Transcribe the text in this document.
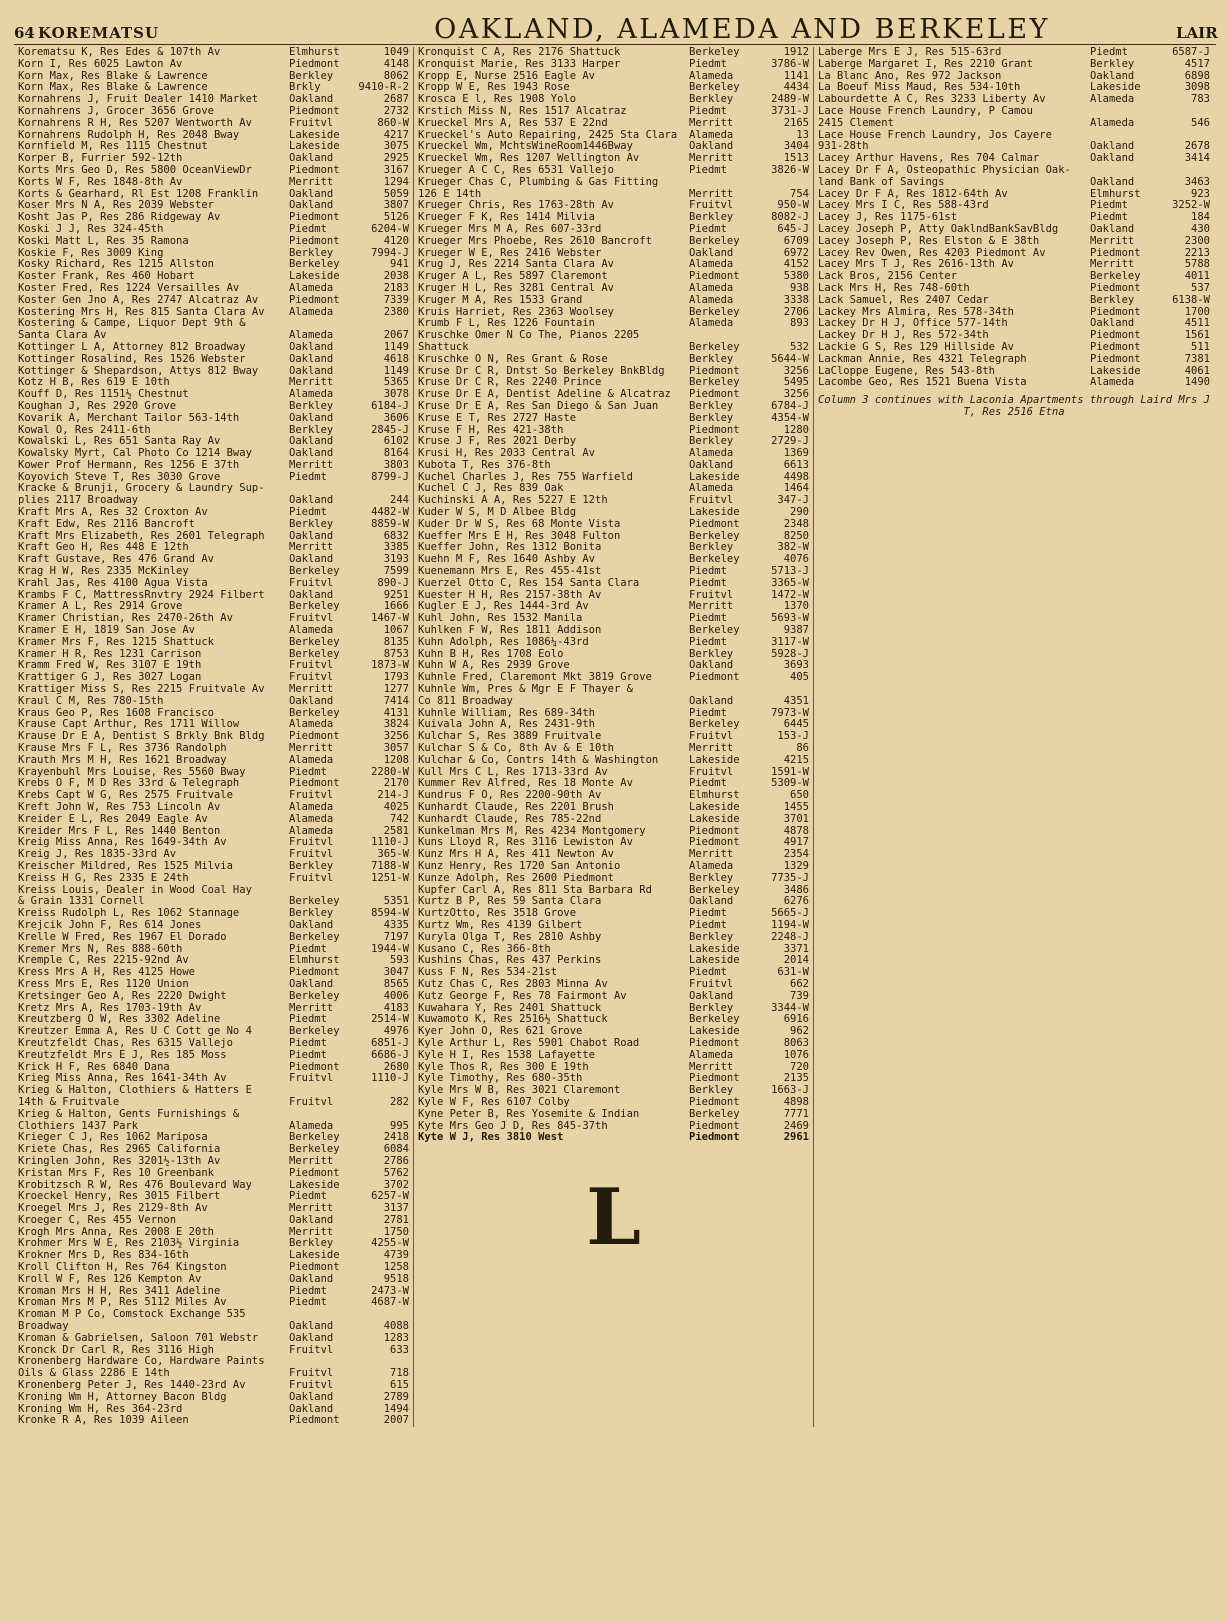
64 KOREMATSU	OAKLAND, ALAMEDA AND BERKELEY	LAIR
Korematsu K, Res Edes & 107th Av	Elmhurst	1049
Korn I, Res 6025 Lawton Av	Piedmont	4148
Korn Max, Res Blake & Lawrence	Berkley	8062
Korn Max, Res Blake & Lawrence	Brkly	9410-R-2
Kornahrens J, Fruit Dealer 1410 Market	Oakland	2687
Kornahrens J, Grocer 3656 Grove	Piedmont	2732
Kornahrens R H, Res 5207 Wentworth Av	Fruitvl	860-W
Kornahrens Rudolph H, Res 2048 Bway	Lakeside	4217
Kornfield M, Res 1115 Chestnut	Lakeside	3075
Korper B, Furrier 592-12th	Oakland	2925
Korts Mrs Geo D, Res 5800 OceanViewDr	Piedmont	3167
Korts W F, Res 1848-8th Av	Merritt	1294
Korts & Gearhard, Rl Est 1208 Franklin	Oakland	5059
Koser Mrs N A, Res 2039 Webster	Oakland	3807
Kosht Jas P, Res 286 Ridgeway Av	Piedmont	5126
Koski J J, Res 324-45th	Piedmt	6204-W
Koski Matt L, Res 35 Ramona	Piedmont	4120
Koskie F, Res 3009 King	Berkley	7994-J
Kosky Richard, Res 1215 Allston	Berkeley	941
Koster Frank, Res 460 Hobart	Lakeside	2038
Koster Fred, Res 1224 Versailles Av	Alameda	2183
Koster Gen Jno A, Res 2747 Alcatraz Av	Piedmont	7339
Kostering Mrs H, Res 815 Santa Clara Av	Alameda	2380
Kostering & Campe, Liquor Dept 9th &
Santa Clara Av	Alameda	2067
Kottinger L A, Attorney 812 Broadway	Oakland	1149
Kottinger Rosalind, Res 1526 Webster	Oakland	4618
Kottinger & Shepardson, Attys 812 Bway	Oakland	1149
Kotz H B, Res 619 E 10th	Merritt	5365
Kouff D, Res 1151½ Chestnut	Alameda	3078
Koughan J, Res 2920 Grove	Berkley	6184-J
Kovarik A, Merchant Tailor 563-14th	Oakland	3606
Kowal O, Res 2411-6th	Berkley	2845-J
Kowalski L, Res 651 Santa Ray Av	Oakland	6102
Kowalsky Myrt, Cal Photo Co 1214 Bway	Oakland	8164
Kower Prof Hermann, Res 1256 E 37th	Merritt	3803
Koyovich Steve T, Res 3030 Grove	Piedmt	8799-J
Kracke & Brunji, Grocery & Laundry Sup-
plies 2117 Broadway	Oakland	244
Kraft Mrs A, Res 32 Croxton Av	Piedmt	4482-W
Kraft Edw, Res 2116 Bancroft	Berkley	8859-W
Kraft Mrs Elizabeth, Res 2601 Telegraph	Oakland	6832
Kraft Geo H, Res 448 E 12th	Merritt	3385
Kraft Gustave, Res 476 Grand Av	Oakland	3193
Krag H W, Res 2335 McKinley	Berkeley	7599
Krahl Jas, Res 4100 Agua Vista	Fruitvl	890-J
Krambs F C, MattressRnvtry 2924 Filbert	Oakland	9251
Kramer A L, Res 2914 Grove	Berkeley	1666
Kramer Christian, Res 2470-26th Av	Fruitvl	1467-W
Kramer E H, 1819 San Jose Av	Alameda	1067
Kramer Mrs F, Res 1215 Shattuck	Berkeley	8135
Kramer H R, Res 1231 Carrison	Berkeley	8753
Kramm Fred W, Res 3107 E 19th	Fruitvl	1873-W
Krattiger G J, Res 3027 Logan	Fruitvl	1793
Krattiger Miss S, Res 2215 Fruitvale Av	Merritt	1277
Kraul C M, Res 780-15th	Oakland	7414
Kraus Geo P, Res 1608 Francisco	Berkeley	4131
Krause Capt Arthur, Res 1711 Willow	Alameda	3824
Krause Dr E A, Dentist S Brkly Bnk Bldg	Piedmont	3256
Krause Mrs F L, Res 3736 Randolph	Merritt	3057
Krauth Mrs M H, Res 1621 Broadway	Alameda	1208
Krayenbuhl Mrs Louise, Res 5560 Bway	Piedmt	2280-W
Krebs O F, M D Res 33rd & Telegraph	Piedmont	2170
Krebs Capt W G, Res 2575 Fruitvale	Fruitvl	214-J
Kreft John W, Res 753 Lincoln Av	Alameda	4025
Kreider E L, Res 2049 Eagle Av	Alameda	742
Kreider Mrs F L, Res 1440 Benton	Alameda	2581
Kreig Miss Anna, Res 1649-34th Av	Fruitvl	1110-J
Kreig J, Res 1835-33rd Av	Fruitvl	365-W
Kreischer Mildred, Res 1525 Milvia	Berkley	7188-W
Kreiss H G, Res 2335 E 24th	Fruitvl	1251-W
Kreiss Louis, Dealer in Wood Coal Hay
& Grain 1331 Cornell	Berkeley	5351
Kreiss Rudolph L, Res 1062 Stannage	Berkley	8594-W
Krejcik John F, Res 614 Jones	Oakland	4335
Krelle W Fred, Res 1967 El Dorado	Berkeley	7197
Kremer Mrs N, Res 888-60th	Piedmt	1944-W
Kremple C, Res 2215-92nd Av	Elmhurst	593
Kress Mrs A H, Res 4125 Howe	Piedmont	3047
Kress Mrs E, Res 1120 Union	Oakland	8565
Kretsinger Geo A, Res 2220 Dwight	Berkeley	4006
Kretz Mrs A, Res 1703-19th Av	Merritt	4183
Kreutzberg O W, Res 3302 Adeline	Piedmt	2514-W
Kreutzer Emma A, Res U C Cott ge No 4	Berkeley	4976
Kreutzfeldt Chas, Res 6315 Vallejo	Piedmt	6851-J
Kreutzfeldt Mrs E J, Res 185 Moss	Piedmt	6686-J
Krick H F, Res 6840 Dana	Piedmont	2680
Krieg Miss Anna, Res 1641-34th Av	Fruitvl	1110-J
Krieg & Halton, Clothiers & Hatters E
14th & Fruitvale	Fruitvl	282
Krieg & Halton, Gents Furnishings &
Clothiers 1437 Park	Alameda	995
Krieger C J, Res 1062 Mariposa	Berkeley	2418
Kriete Chas, Res 2965 California	Berkeley	6084
Kringlen John, Res 3201½-13th Av	Merritt	2786
Kristan Mrs F, Res 10 Greenbank	Piedmont	5762
Krobitzsch R W, Res 476 Boulevard Way	Lakeside	3702
Kroeckel Henry, Res 3015 Filbert	Piedmt	6257-W
Kroegel Mrs J, Res 2129-8th Av	Merritt	3137
Kroeger C, Res 455 Vernon	Oakland	2781
Krogh Mrs Anna, Res 2008 E 20th	Merritt	1750
Krohmer Mrs W E, Res 2103½ Virginia	Berkley	4255-W
Krokner Mrs D, Res 834-16th	Lakeside	4739
Kroll Clifton H, Res 764 Kingston	Piedmont	1258
Kroll W F, Res 126 Kempton Av	Oakland	9518
Kroman Mrs H H, Res 3411 Adeline	Piedmt	2473-W
Kroman Mrs M P, Res 5112 Miles Av	Piedmt	4687-W
Kroman M P Co, Comstock Exchange 535
Broadway	Oakland	4088
Kroman & Gabrielsen, Saloon 701 Webstr	Oakland	1283
Kronck Dr Carl R, Res 3116 High	Fruitvl	633
Kronenberg Hardware Co, Hardware Paints
Oils & Glass 2286 E 14th	Fruitvl	718
Kronenberg Peter J, Res 1440-23rd Av	Fruitvl	615
Kroning Wm H, Attorney Bacon Bldg	Oakland	2789
Kroning Wm H, Res 364-23rd	Oakland	1494
Kronke R A, Res 1039 Aileen	Piedmont	2007
Kronquist C A, Res 2176 Shattuck	Berkeley	1912
Kronquist Marie, Res 3133 Harper	Piedmt	3786-W
Kropp E, Nurse 2516 Eagle Av	Alameda	1141
Kropp W E, Res 1943 Rose	Berkeley	4434
Krosca E l, Res 1908 Yolo	Berkley	2489-W
Krstich Miss N, Res 1517 Alcatraz	Piedmt	3731-J
Krueckel Mrs A, Res 537 E 22nd	Merritt	2165
Krueckel's Auto Repairing, 2425 Sta Clara	Alameda	13
Krueckel Wm, MchtsWineRoom1446Bway	Oakland	3404
Krueckel Wm, Res 1207 Wellington Av	Merritt	1513
Krueger A C C, Res 6531 Vallejo	Piedmt	3826-W
Krueger Chas C, Plumbing & Gas Fitting
126 E 14th	Merritt	754
Krueger Chris, Res 1763-28th Av	Fruitvl	950-W
Krueger F K, Res 1414 Milvia	Berkley	8082-J
Krueger Mrs M A, Res 607-33rd	Piedmt	645-J
Krueger Mrs Phoebe, Res 2610 Bancroft	Berkeley	6709
Krueger W E, Res 2416 Webster	Oakland	6972
Krug J, Res 2214 Santa Clara Av	Alameda	4152
Kruger A L, Res 5897 Claremont	Piedmont	5380
Kruger H L, Res 3281 Central Av	Alameda	938
Kruger M A, Res 1533 Grand	Alameda	3338
Kruis Harriet, Res 2363 Woolsey	Berkeley	2706
Krumb F L, Res 1226 Fountain	Alameda	893
Kruschke Omer N Co The, Pianos 2205
Shattuck	Berkeley	532
Kruschke O N, Res Grant & Rose	Berkley	5644-W
Kruse Dr C R, Dntst So Berkeley BnkBldg	Piedmont	3256
Kruse Dr C R, Res 2240 Prince	Berkeley	5495
Kruse Dr E A, Dentist Adeline & Alcatraz	Piedmont	3256
Kruse Dr E A, Res San Diego & San Juan	Berkley	6784-J
Kruse E T, Res 2727 Haste	Berkley	4354-W
Kruse F H, Res 421-38th	Piedmont	1280
Kruse J F, Res 2021 Derby	Berkley	2729-J
Krusi H, Res 2033 Central Av	Alameda	1369
Kubota T, Res 376-8th	Oakland	6613
Kuchel Charles J, Res 755 Warfield	Lakeside	4498
Kuchel C J, Res 839 Oak	Alameda	1464
Kuchinski A A, Res 5227 E 12th	Fruitvl	347-J
Kuder W S, M D Albee Bldg	Lakeside	290
Kuder Dr W S, Res 68 Monte Vista	Piedmont	2348
Kueffer Mrs E H, Res 3048 Fulton	Berkeley	8250
Kueffer John, Res 1312 Bonita	Berkley	382-W
Kuehn M F, Res 1640 Ashby Av	Berkeley	4076
Kuenemann Mrs E, Res 455-41st	Piedmt	5713-J
Kuerzel Otto C, Res 154 Santa Clara	Piedmt	3365-W
Kuester H H, Res 2157-38th Av	Fruitvl	1472-W
Kugler E J, Res 1444-3rd Av	Merritt	1370
Kuhl John, Res 1532 Manila	Piedmt	5693-W
Kuhlken F W, Res 1811 Addison	Berkeley	9387
Kuhn Adolph, Res 1086¼-43rd	Piedmt	3117-W
Kuhn B H, Res 1708 Eolo	Berkley	5928-J
Kuhn W A, Res 2939 Grove	Oakland	3693
Kuhnle Fred, Claremont Mkt 3819 Grove	Piedmont	405
Kuhnle Wm, Pres & Mgr E F Thayer &
Co 811 Broadway	Oakland	4351
Kuhnle William, Res 689-34th	Piedmt	7973-W
Kuivala John A, Res 2431-9th	Berkeley	6445
Kulchar S, Res 3889 Fruitvale	Fruitvl	153-J
Kulchar S & Co, 8th Av & E 10th	Merritt	86
Kulchar & Co, Contrs 14th & Washington	Lakeside	4215
Kull Mrs C L, Res 1713-33rd Av	Fruitvl	1591-W
Kummer Rev Alfred, Res 18 Monte Av	Piedmt	5309-W
Kundrus F O, Res 2200-90th Av	Elmhurst	650
Kunhardt Claude, Res 2201 Brush	Lakeside	1455
Kunhardt Claude, Res 785-22nd	Lakeside	3701
Kunkelman Mrs M, Res 4234 Montgomery	Piedmont	4878
Kuns Lloyd R, Res 3116 Lewiston Av	Piedmont	4917
Kunz Mrs H A, Res 411 Newton Av	Merritt	2354
Kunz Henry, Res 1720 San Antonio	Alameda	1329
Kunze Adolph, Res 2600 Piedmont	Berkley	7735-J
Kupfer Carl A, Res 811 Sta Barbara Rd	Berkeley	3486
Kurtz B P, Res 59 Santa Clara	Oakland	6276
KurtzOtto, Res 3518 Grove	Piedmt	5665-J
Kurtz Wm, Res 4139 Gilbert	Piedmt	1194-W
Kuryla Olga T, Res 2810 Ashby	Berkley	2248-J
Kusano C, Res 366-8th	Lakeside	3371
Kushins Chas, Res 437 Perkins	Lakeside	2014
Kuss F N, Res 534-21st	Piedmt	631-W
Kutz Chas C, Res 2803 Minna Av	Fruitvl	662
Kutz George F, Res 78 Fairmont Av	Oakland	739
Kuwahara Y, Res 2401 Shattuck	Berkley	3344-W
Kuwamoto K, Res 2516½ Shattuck	Berkeley	6916
Kyer John O, Res 621 Grove	Lakeside	962
Kyle Arthur L, Res 5901 Chabot Road	Piedmont	8063
Kyle H I, Res 1538 Lafayette	Alameda	1076
Kyle Thos R, Res 300 E 19th	Merritt	720
Kyle Timothy, Res 680-35th	Piedmont	2135
Kyle Mrs W B, Res 3021 Claremont	Berkley	1663-J
Kyle W F, Res 6107 Colby	Piedmont	4898
Kyne Peter B, Res Yosemite & Indian	Berkeley	7771
Kyte Mrs Geo J D, Res 845-37th	Piedmont	2469
Kyte W J, Res 3810 West	Piedmont	2961
L
Laberge Mrs E J, Res 515-63rd	Piedmt	6587-J
Laberge Margaret I, Res 2210 Grant	Berkley	4517
La Blanc Ano, Res 972 Jackson	Oakland	6898
La Boeuf Miss Maud, Res 534-10th	Lakeside	3098
Labourdette A C, Res 3233 Liberty Av	Alameda	783
Lace House French Laundry, P Camou
2415 Clement	Alameda	546
Lace House French Laundry, Jos Cayere
931-28th	Oakland	2678
Lacey Arthur Havens, Res 704 Calmar	Oakland	3414
Lacey Dr F A, Osteopathic Physician Oak-
land Bank of Savings	Oakland	3463
Lacey Dr F A, Res 1812-64th Av	Elmhurst	923
Lacey Mrs I C, Res 588-43rd	Piedmt	3252-W
Lacey J, Res 1175-61st	Piedmt	184
Lacey Joseph P, Atty OaklndBankSavBldg	Oakland	430
Lacey Joseph P, Res Elston & E 38th	Merritt	2300
Lacey Rev Owen, Res 4203 Piedmont Av	Piedmont	2213
Lacey Mrs T J, Res 2616-13th Av	Merritt	5788
Lack Bros, 2156 Center	Berkeley	4011
Lack Mrs H, Res 748-60th	Piedmont	537
Lack Samuel, Res 2407 Cedar	Berkley	6138-W
Lackey Mrs Almira, Res 578-34th	Piedmont	1700
Lackey Dr H J, Office 577-14th	Oakland	4511
Lackey Dr H J, Res 572-34th	Piedmont	1561
Lackie G S, Res 129 Hillside Av	Piedmont	511
Lackman Annie, Res 4321 Telegraph	Piedmont	7381
LaCloppe Eugene, Res 543-8th	Lakeside	4061
Lacombe Geo, Res 1521 Buena Vista	Alameda	1490
Column 3 continues with Laconia Apartments through Laird Mrs J T, Res 2516 Etna
